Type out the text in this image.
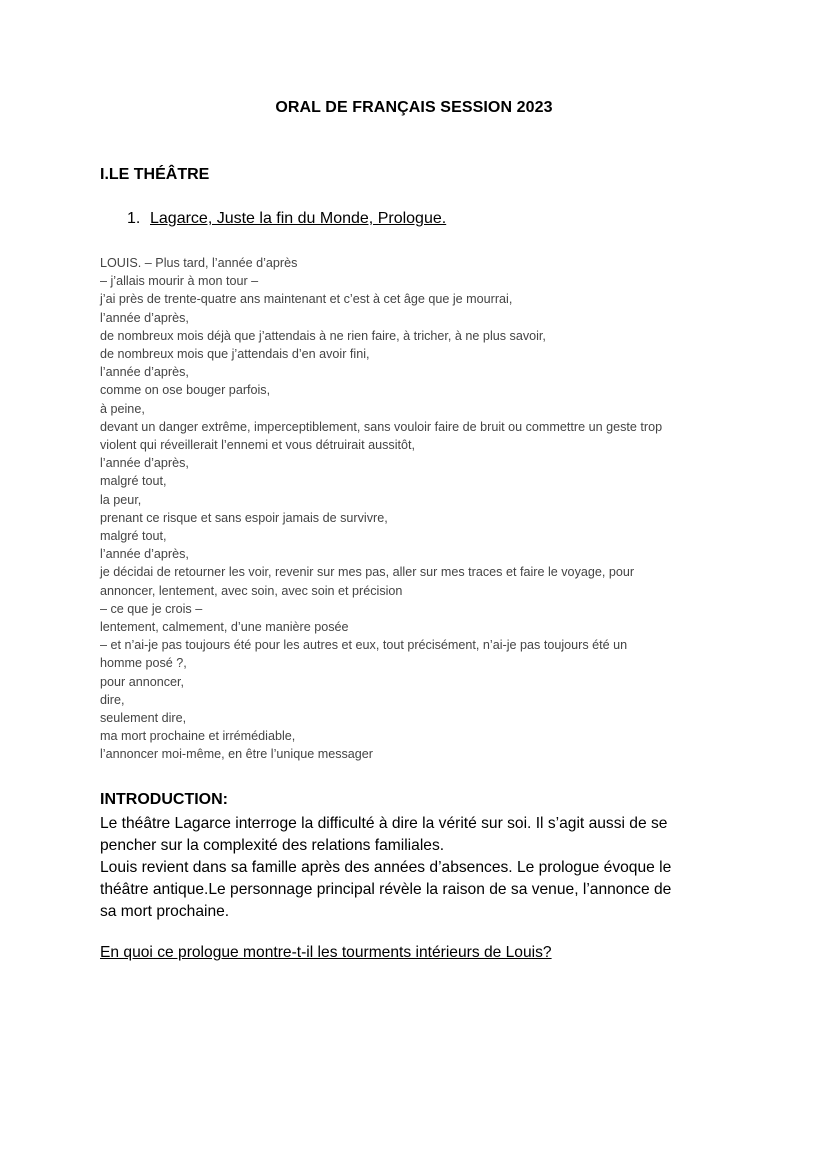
ORAL DE FRANÇAIS SESSION 2023
I.LE THÉÂTRE
1. Lagarce, Juste la fin du Monde, Prologue.
LOUIS. – Plus tard, l’année d’après
– j’allais mourir à mon tour –
j’ai près de trente-quatre ans maintenant et c’est à cet âge que je mourrai,
l’année d’après,
de nombreux mois déjà que j’attendais à ne rien faire, à tricher, à ne plus savoir,
de nombreux mois que j’attendais d’en avoir fini,
l’année d’après,
comme on ose bouger parfois,
à peine,
devant un danger extrême, imperceptiblement, sans vouloir faire de bruit ou commettre un geste trop
violent qui réveillerait l’ennemi et vous détruirait aussitôt,
l’année d’après,
malgré tout,
la peur,
prenant ce risque et sans espoir jamais de survivre,
malgré tout,
l’année d’après,
je décidai de retourner les voir, revenir sur mes pas, aller sur mes traces et faire le voyage, pour
annoncer, lentement, avec soin, avec soin et précision
– ce que je crois –
lentement, calmement, d’une manière posée
– et n’ai-je pas toujours été pour les autres et eux, tout précisément, n’ai-je pas toujours été un
homme posé ?,
pour annoncer,
dire,
seulement dire,
ma mort prochaine et irrémédiable,
l’annoncer moi-même, en être l’unique messager
INTRODUCTION:
Le théâtre Lagarce interroge la difficulté à dire la vérité sur soi. Il s’agit aussi de se
pencher sur la complexité des relations familiales.
Louis revient dans sa famille après des années d’absences. Le prologue évoque le
théâtre antique.Le personnage principal révèle la raison de sa venue, l’annonce de
sa mort prochaine.
En quoi ce prologue montre-t-il les tourments intérieurs de Louis?
